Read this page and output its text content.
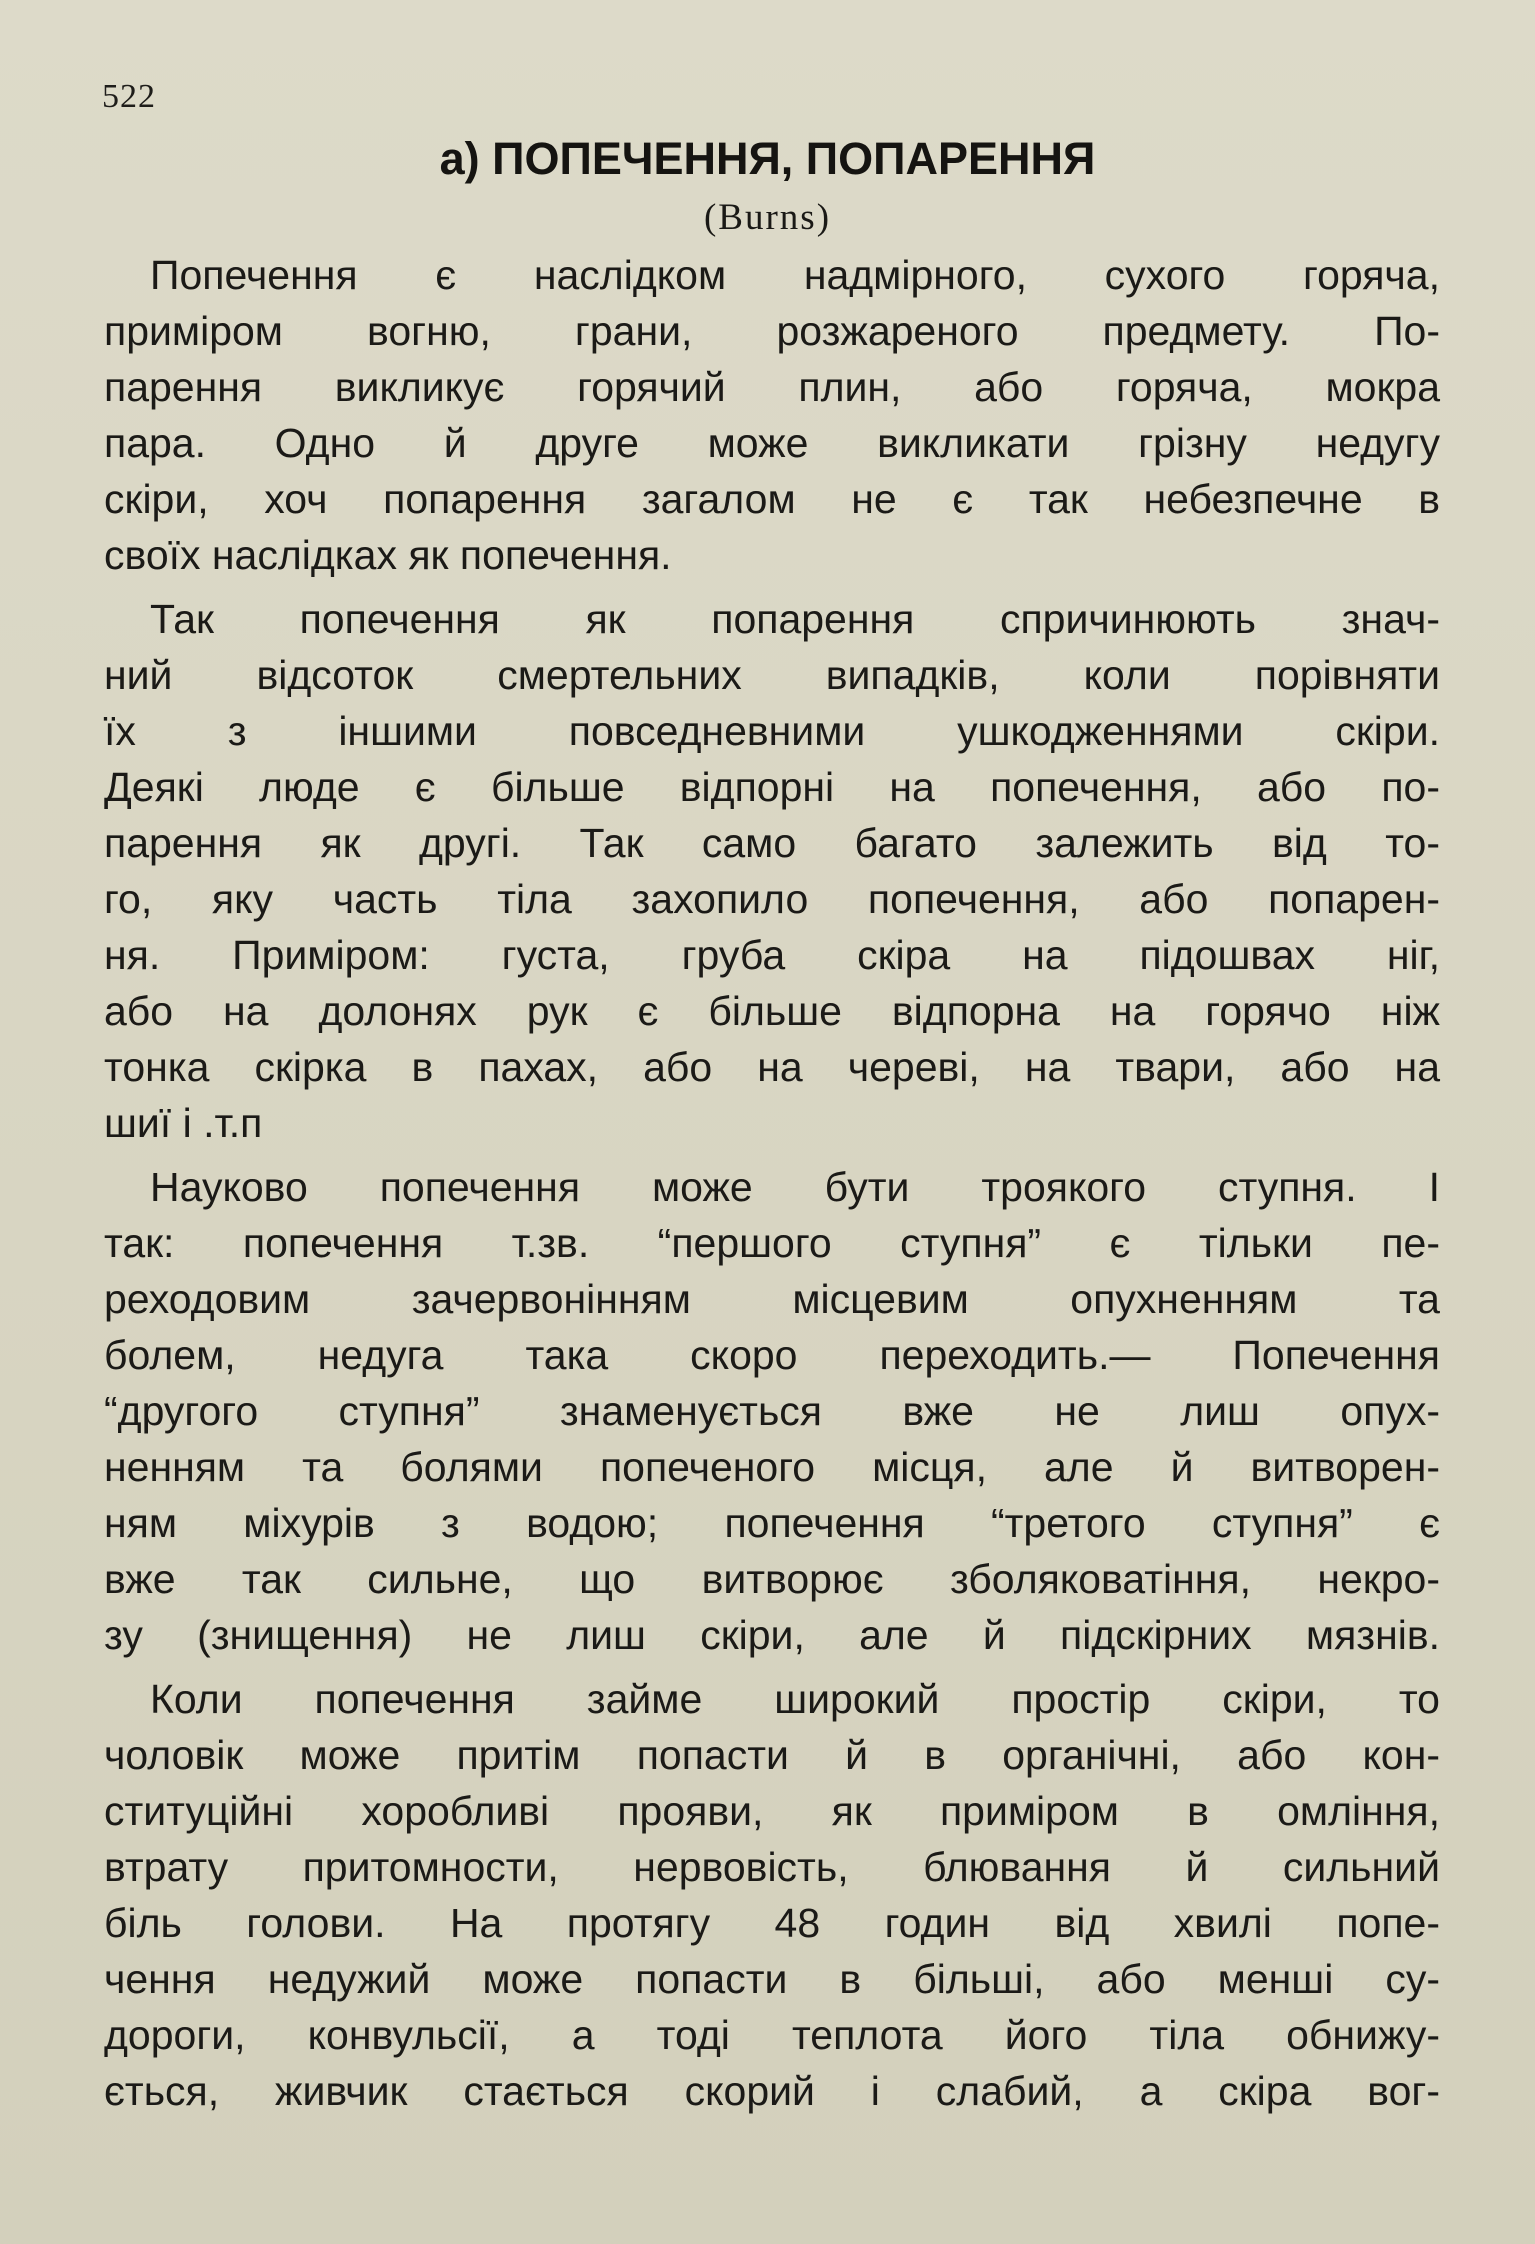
522
а) ПОПЕЧЕННЯ, ПОПАРЕННЯ
(Burns)
Попечення є наслідком надмірного, сухого горяча,
приміром вогню, грани, розжареного предмету. По-
парення викликує горячий плин, або горяча, мокра
пара. Одно й друге може викликати грізну недугу
скіри, хоч попарення загалом не є так небезпечне в
своїх наслідках як попечення.
Так попечення як попарення спричинюють знач-
ний відсоток смертельних випадків, коли порівняти
їх з іншими повседневними ушкодженнями скіри.
Деякі люде є більше відпорні на попечення, або по-
парення як другі. Так само багато залежить від то-
го, яку часть тіла захопило попечення, або попарен-
ня. Приміром: густа, груба скіра на підошвах ніг,
або на долонях рук є більше відпорна на горячо ніж
тонка скірка в пахах, або на череві, на твари, або на
шиї і .т.п
Науково попечення може бути троякого ступня. І
так: попечення т.зв. “першого ступня” є тільки пе-
реходовим зачервонінням місцевим опухненням та
болем, недуга така скоро переходить.— Попечення
“другого ступня” знаменується вже не лиш опух-
ненням та болями попеченого місця, але й витворен-
ням міхурів з водою; попечення “третого ступня” є
вже так сильне, що витворює зболяковатіння, некро-
зу (знищення) не лиш скіри, але й підскірних мязнів.
Коли попечення займе широкий простір скіри, то
чоловік може притім попасти й в органічні, або кон-
ституційні хоробливі прояви, як приміром в омління,
втрату притомности, нервовість, блювання й сильний
біль голови. На протягу 48 годин від хвилі попе-
чення недужий може попасти в більші, або менші су-
дороги, конвульсії, а тоді теплота його тіла обнижу-
ється, живчик стається скорий і слабий, а скіра вог-
